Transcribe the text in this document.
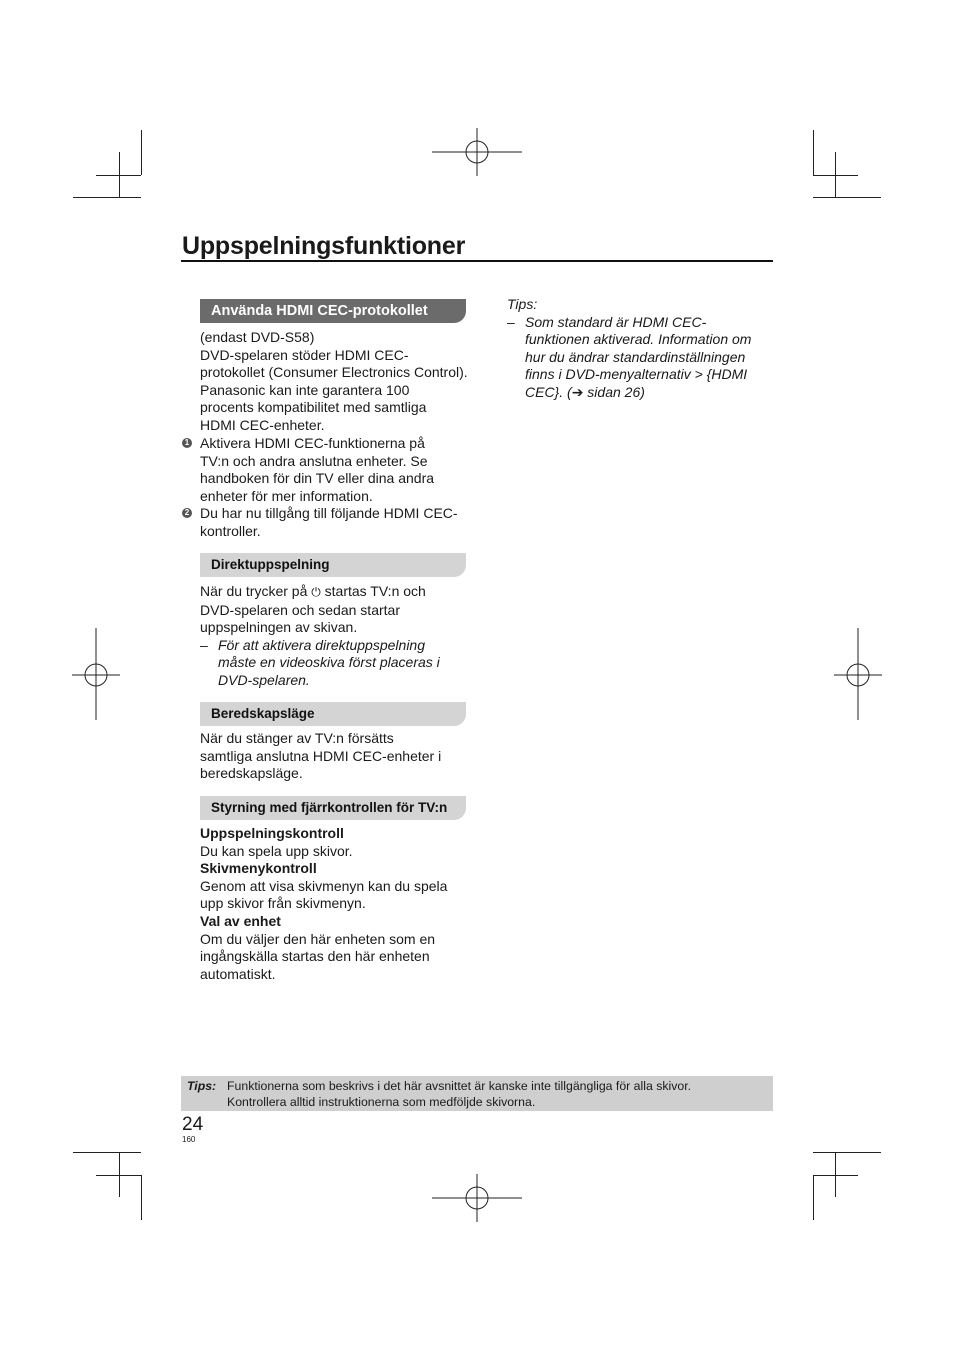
Uppspelningsfunktioner
Använda HDMI CEC-protokollet

(endast DVD-S58)

DVD-spelaren stöder HDMI CEC-

protokollet (Consumer Electronics Control).

Panasonic kan inte garantera 100

procents kompatibilitet med samtliga

HDMI CEC-enheter.

1 Aktivera HDMI CEC-funktionerna på
TV:n och andra anslutna enheter. Se
handboken för din TV eller dina andra
enheter för mer information.
2 Du har nu tillgång till följande HDMI CEC-
kontroller.
Direktuppspelning

När du trycker på ⏻ startas TV:n och

DVD-spelaren och sedan startar

uppspelningen av skivan.

– För att aktivera direktuppspelning
måste en videoskiva först placeras i
DVD-spelaren.
Beredskapsläge

När du stänger av TV:n försätts

samtliga anslutna HDMI CEC-enheter i

beredskapsläge.

Styrning med fjärrkontrollen för TV:n

Uppspelningskontroll

Du kan spela upp skivor.

Skivmenykontroll

Genom att visa skivmenyn kan du spela

upp skivor från skivmenyn.

Val av enhet

Om du väljer den här enheten som en

ingångskälla startas den här enheten

automatiskt.

Tips:

– Som standard är HDMI CEC-
funktionen aktiverad. Information om
hur du ändrar standardinställningen
finns i DVD-menyalternativ > {HDMI
CEC}. (➔ sidan 26)
Tips: Funktionerna som beskrivs i det här avsnittet är kanske inte tillgängliga för alla skivor.
Kontrollera alltid instruktionerna som medföljde skivorna.
24
160
